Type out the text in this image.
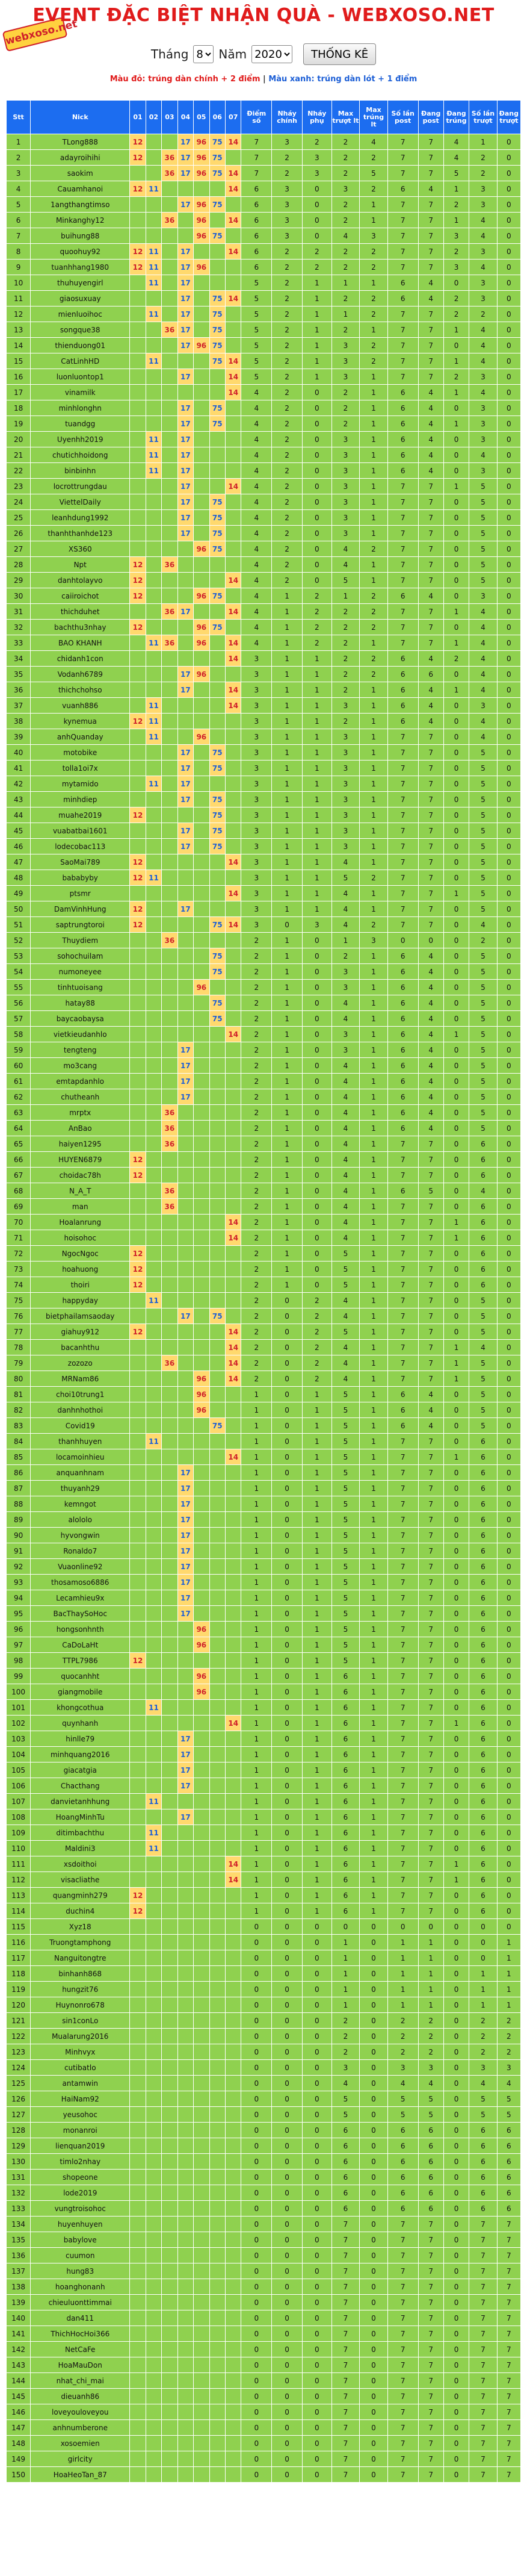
webxoso.net
EVENT ĐẶC BIỆT NHẬN QUÀ - WEBXOSO.NET
Tháng
8	Năm
2020	THỐNG KÊ
Màu đỏ: trúng dàn chính + 2 điểm | Màu xanh: trúng dàn lót + 1 điểm
Stt	Nick	01	02	03	04	05	06	07	Điểm số	Nháy chính	Nháy phụ	Max trượt lt	Max trúng lt	Số lần post	Đang post	Đang trúng	Số lần trượt	Đang trượt
1	TLong888	12			17	96	75	14	7	3	2	2	4	7	7	4	1	0
2	adayroihihi	12		36	17	96	75		7	2	3	2	2	7	7	4	2	0
3	saokim			36	17	96	75	14	7	2	3	2	5	7	7	5	2	0
4	Cauamhanoi	12	11					14	6	3	0	3	2	6	4	1	3	0
5	1angthangtimso				17	96	75		6	3	0	2	1	7	7	2	3	0
6	Minkanghy12			36		96		14	6	3	0	2	1	7	7	1	4	0
7	buihung88					96	75		6	3	0	4	3	7	7	3	4	0
8	quoohuy92	12	11		17			14	6	2	2	2	2	7	7	2	3	0
9	tuanhhang1980	12	11		17	96			6	2	2	2	2	7	7	3	4	0
10	thuhuyengirl		11		17				5	2	1	1	1	6	4	0	3	0
11	giaosuxuay				17		75	14	5	2	1	2	2	6	4	2	3	0
12	mienluoihoc		11		17		75		5	2	1	1	2	7	7	2	2	0
13	songque38			36	17		75		5	2	1	2	1	7	7	1	4	0
14	thienduong01				17	96	75		5	2	1	3	2	7	7	0	4	0
15	CatLinhHD		11				75	14	5	2	1	3	2	7	7	1	4	0
16	luonluontop1				17			14	5	2	1	3	1	7	7	2	3	0
17	vinamilk							14	4	2	0	2	1	6	4	1	4	0
18	minhlonghn				17		75		4	2	0	2	1	6	4	0	3	0
19	tuandgg				17		75		4	2	0	2	1	6	4	1	3	0
20	Uyenhh2019		11		17				4	2	0	3	1	6	4	0	3	0
21	chutichhoidong		11		17				4	2	0	3	1	6	4	0	4	0
22	binbinhn		11		17				4	2	0	3	1	6	4	0	3	0
23	locrottrungdau				17			14	4	2	0	3	1	7	7	1	5	0
24	ViettelDaily				17		75		4	2	0	3	1	7	7	0	5	0
25	leanhdung1992				17		75		4	2	0	3	1	7	7	0	5	0
26	thanhthanhde123				17		75		4	2	0	3	1	7	7	0	5	0
27	XS360					96	75		4	2	0	4	2	7	7	0	5	0
28	Npt	12		36					4	2	0	4	1	7	7	0	5	0
29	danhtolayvo	12						14	4	2	0	5	1	7	7	0	5	0
30	caiiroichot	12				96	75		4	1	2	1	2	6	4	0	3	0
31	thichduhet			36	17			14	4	1	2	2	2	7	7	1	4	0
32	bachthu3nhay	12				96	75		4	1	2	2	2	7	7	0	4	0
33	BAO KHANH		11	36		96		14	4	1	2	2	1	7	7	1	4	0
34	chidanh1con							14	3	1	1	2	2	6	4	2	4	0
35	Vodanh6789				17	96			3	1	1	2	2	6	6	0	4	0
36	thichchohso				17			14	3	1	1	2	1	6	4	1	4	0
37	vuanh886		11					14	3	1	1	3	1	6	4	0	3	0
38	kynemua	12	11						3	1	1	2	1	6	4	0	4	0
39	anhQuanday		11			96			3	1	1	3	1	7	7	0	4	0
40	motobike				17		75		3	1	1	3	1	7	7	0	5	0
41	tolla1oi7x				17		75		3	1	1	3	1	7	7	0	5	0
42	mytamido		11		17				3	1	1	3	1	7	7	0	5	0
43	minhdiep				17		75		3	1	1	3	1	7	7	0	5	0
44	muahe2019	12					75		3	1	1	3	1	7	7	0	5	0
45	vuabatbai1601				17		75		3	1	1	3	1	7	7	0	5	0
46	lodecobac113				17		75		3	1	1	3	1	7	7	0	5	0
47	SaoMai789	12						14	3	1	1	4	1	7	7	0	5	0
48	bababyby	12	11						3	1	1	5	2	7	7	0	5	0
49	ptsmr							14	3	1	1	4	1	7	7	1	5	0
50	DamVinhHung	12			17				3	1	1	4	1	7	7	0	5	0
51	saptrungtoroi	12					75	14	3	0	3	4	2	7	7	0	4	0
52	Thuydiem			36					2	1	0	1	3	0	0	0	2	0
53	sohochuilam						75		2	1	0	2	1	6	4	0	5	0
54	numoneyee						75		2	1	0	3	1	6	4	0	5	0
55	tinhtuoisang					96			2	1	0	3	1	6	4	0	5	0
56	hatay88						75		2	1	0	4	1	6	4	0	5	0
57	baycaobaysa						75		2	1	0	4	1	6	4	0	5	0
58	vietkieudanhlo							14	2	1	0	3	1	6	4	1	5	0
59	tengteng				17				2	1	0	3	1	6	4	0	5	0
60	mo3cang				17				2	1	0	4	1	6	4	0	5	0
61	emtapdanhlo				17				2	1	0	4	1	6	4	0	5	0
62	chutheanh				17				2	1	0	4	1	6	4	0	5	0
63	mrptx			36					2	1	0	4	1	6	4	0	5	0
64	AnBao			36					2	1	0	4	1	6	4	0	5	0
65	haiyen1295			36					2	1	0	4	1	7	7	0	6	0
66	HUYEN6879	12							2	1	0	4	1	7	7	0	6	0
67	choidac78h	12							2	1	0	4	1	7	7	0	6	0
68	N_A_T			36					2	1	0	4	1	6	5	0	4	0
69	man			36					2	1	0	4	1	7	7	0	6	0
70	Hoalanrung							14	2	1	0	4	1	7	7	1	6	0
71	hoisohoc							14	2	1	0	4	1	7	7	1	6	0
72	NgocNgoc	12							2	1	0	5	1	7	7	0	6	0
73	hoahuong	12							2	1	0	5	1	7	7	0	6	0
74	thoiri	12							2	1	0	5	1	7	7	0	6	0
75	happyday		11						2	0	2	4	1	7	7	0	5	0
76	bietphailamsaoday				17		75		2	0	2	4	1	7	7	0	5	0
77	giahuy912	12						14	2	0	2	5	1	7	7	0	5	0
78	bacanhthu							14	2	0	2	4	1	7	7	1	4	0
79	zozozo			36				14	2	0	2	4	1	7	7	1	5	0
80	MRNam86					96		14	2	0	2	4	1	7	7	1	5	0
81	choi10trung1					96			1	0	1	5	1	6	4	0	5	0
82	danhnhothoi					96			1	0	1	5	1	6	4	0	5	0
83	Covid19						75		1	0	1	5	1	6	4	0	5	0
84	thanhhuyen		11						1	0	1	5	1	7	7	0	6	0
85	locamoinhieu							14	1	0	1	5	1	7	7	1	6	0
86	anquanhnam				17				1	0	1	5	1	7	7	0	6	0
87	thuyanh29				17				1	0	1	5	1	7	7	0	6	0
88	kemngot				17				1	0	1	5	1	7	7	0	6	0
89	alololo				17				1	0	1	5	1	7	7	0	6	0
90	hyvongwin				17				1	0	1	5	1	7	7	0	6	0
91	Ronaldo7				17				1	0	1	5	1	7	7	0	6	0
92	Vuaonline92				17				1	0	1	5	1	7	7	0	6	0
93	thosamoso6886				17				1	0	1	5	1	7	7	0	6	0
94	Lecamhieu9x				17				1	0	1	5	1	7	7	0	6	0
95	BacThaySoHoc				17				1	0	1	5	1	7	7	0	6	0
96	hongsonhnth					96			1	0	1	5	1	7	7	0	6	0
97	CaDoLaHt					96			1	0	1	5	1	7	7	0	6	0
98	TTPL7986	12							1	0	1	5	1	7	7	0	6	0
99	quocanhht					96			1	0	1	6	1	7	7	0	6	0
100	giangmobile					96			1	0	1	6	1	7	7	0	6	0
101	khongcothua		11						1	0	1	6	1	7	7	0	6	0
102	quynhanh							14	1	0	1	6	1	7	7	1	6	0
103	hinlle79				17				1	0	1	6	1	7	7	0	6	0
104	minhquang2016				17				1	0	1	6	1	7	7	0	6	0
105	giacatgia				17				1	0	1	6	1	7	7	0	6	0
106	Chacthang				17				1	0	1	6	1	7	7	0	6	0
107	danvietanhhung		11						1	0	1	6	1	7	7	0	6	0
108	HoangMinhTu				17				1	0	1	6	1	7	7	0	6	0
109	ditimbachthu		11						1	0	1	6	1	7	7	0	6	0
110	Maldini3		11						1	0	1	6	1	7	7	0	6	0
111	xsdoithoi							14	1	0	1	6	1	7	7	1	6	0
112	visacliathe							14	1	0	1	6	1	7	7	1	6	0
113	quangminh279	12							1	0	1	6	1	7	7	0	6	0
114	duchin4	12							1	0	1	6	1	7	7	0	6	0
115	Xyz18								0	0	0	0	0	0	0	0	0	0
116	Truongtamphong								0	0	0	1	0	1	1	0	0	1
117	Nanguitongtre								0	0	0	1	0	1	1	0	0	1
118	binhanh868								0	0	0	1	0	1	1	0	1	1
119	hungzit76								0	0	0	1	0	1	1	0	1	1
120	Huynonro678								0	0	0	1	0	1	1	0	1	1
121	sin1conLo								0	0	0	2	0	2	2	0	2	2
122	Mualarung2016								0	0	0	2	0	2	2	0	2	2
123	Minhvyx								0	0	0	2	0	2	2	0	2	2
124	cutibatlo								0	0	0	3	0	3	3	0	3	3
125	antamwin								0	0	0	4	0	4	4	0	4	4
126	HaiNam92								0	0	0	5	0	5	5	0	5	5
127	yeusohoc								0	0	0	5	0	5	5	0	5	5
128	monanroi								0	0	0	6	0	6	6	0	6	6
129	lienquan2019								0	0	0	6	0	6	6	0	6	6
130	timlo2nhay								0	0	0	6	0	6	6	0	6	6
131	shopeone								0	0	0	6	0	6	6	0	6	6
132	lode2019								0	0	0	6	0	6	6	0	6	6
133	vungtroisohoc								0	0	0	6	0	6	6	0	6	6
134	huyenhuyen								0	0	0	7	0	7	7	0	7	7
135	babylove								0	0	0	7	0	7	7	0	7	7
136	cuumon								0	0	0	7	0	7	7	0	7	7
137	hung83								0	0	0	7	0	7	7	0	7	7
138	hoanghonanh								0	0	0	7	0	7	7	0	7	7
139	chieuluonttimmai								0	0	0	7	0	7	7	0	7	7
140	dan411								0	0	0	7	0	7	7	0	7	7
141	ThichHocHoi366								0	0	0	7	0	7	7	0	7	7
142	NetCaFe								0	0	0	7	0	7	7	0	7	7
143	HoaMauDon								0	0	0	7	0	7	7	0	7	7
144	nhat_chi_mai								0	0	0	7	0	7	7	0	7	7
145	dieuanh86								0	0	0	7	0	7	7	0	7	7
146	loveyouloveyou								0	0	0	7	0	7	7	0	7	7
147	anhnumberone								0	0	0	7	0	7	7	0	7	7
148	xosoemien								0	0	0	7	0	7	7	0	7	7
149	girlcity								0	0	0	7	0	7	7	0	7	7
150	HoaHeoTan_87								0	0	0	7	0	7	7	0	7	7
